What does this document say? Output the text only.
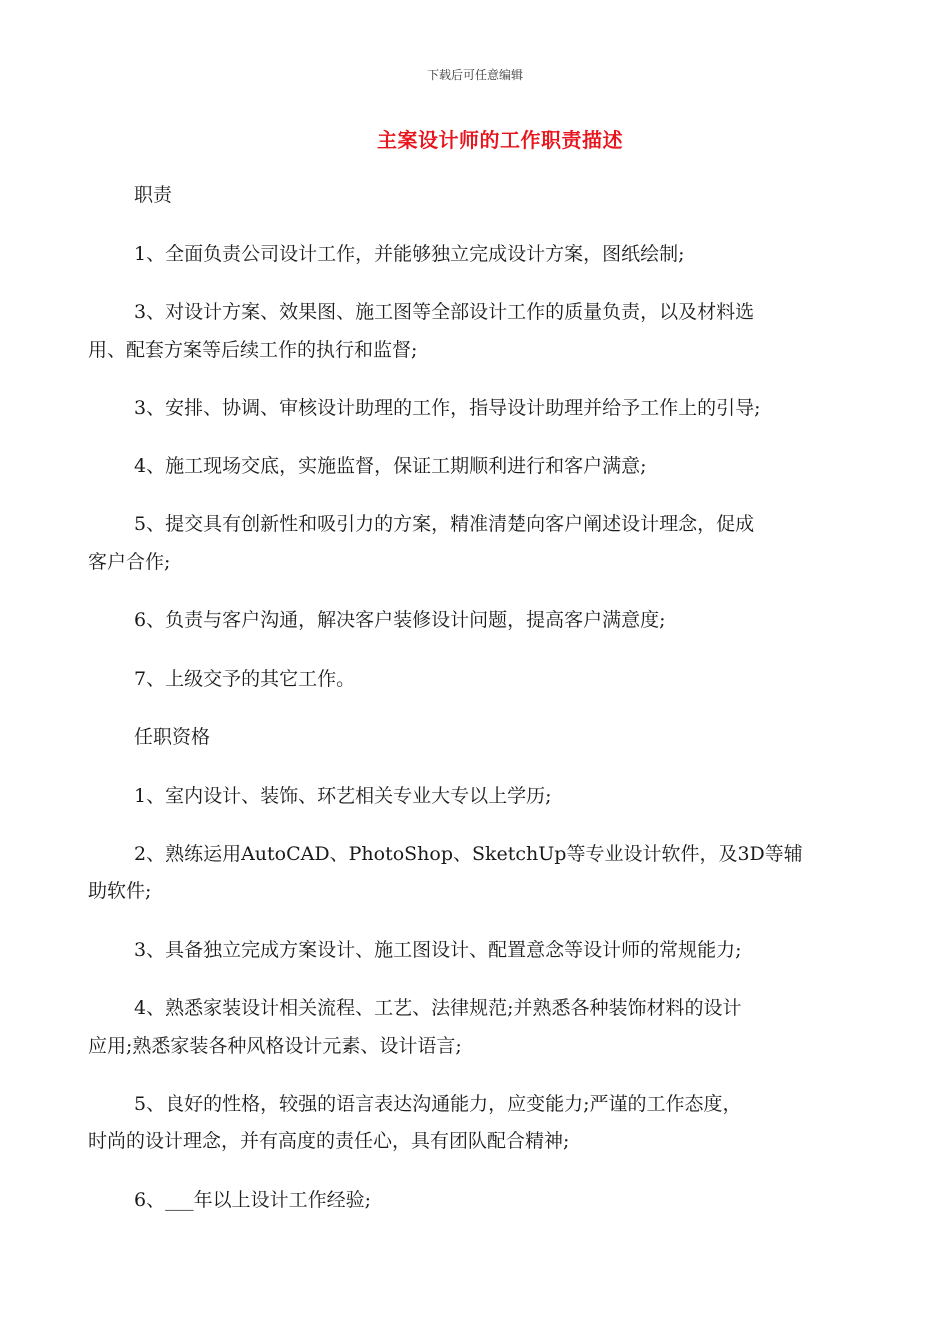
下载后可任意编辑
主案设计师的工作职责描述
职责
1、全面负责公司设计工作，并能够独立完成设计方案，图纸绘制;
3、对设计方案、效果图、施工图等全部设计工作的质量负责，以及材料选
用、配套方案等后续工作的执行和监督;
3、安排、协调、审核设计助理的工作，指导设计助理并给予工作上的引导;
4、施工现场交底，实施监督，保证工期顺利进行和客户满意;
5、提交具有创新性和吸引力的方案，精准清楚向客户阐述设计理念，促成
客户合作;
6、负责与客户沟通，解决客户装修设计问题，提高客户满意度;
7、上级交予的其它工作。
任职资格
1、室内设计、装饰、环艺相关专业大专以上学历;
2、熟练运用AutoCAD、PhotoShop、SketchUp等专业设计软件，及3D等辅
助软件;
3、具备独立完成方案设计、施工图设计、配置意念等设计师的常规能力;
4、熟悉家装设计相关流程、工艺、法律规范;并熟悉各种装饰材料的设计
应用;熟悉家装各种风格设计元素、设计语言;
5、良好的性格，较强的语言表达沟通能力，应变能力;严谨的工作态度，
时尚的设计理念，并有高度的责任心，具有团队配合精神;
6、___年以上设计工作经验;
